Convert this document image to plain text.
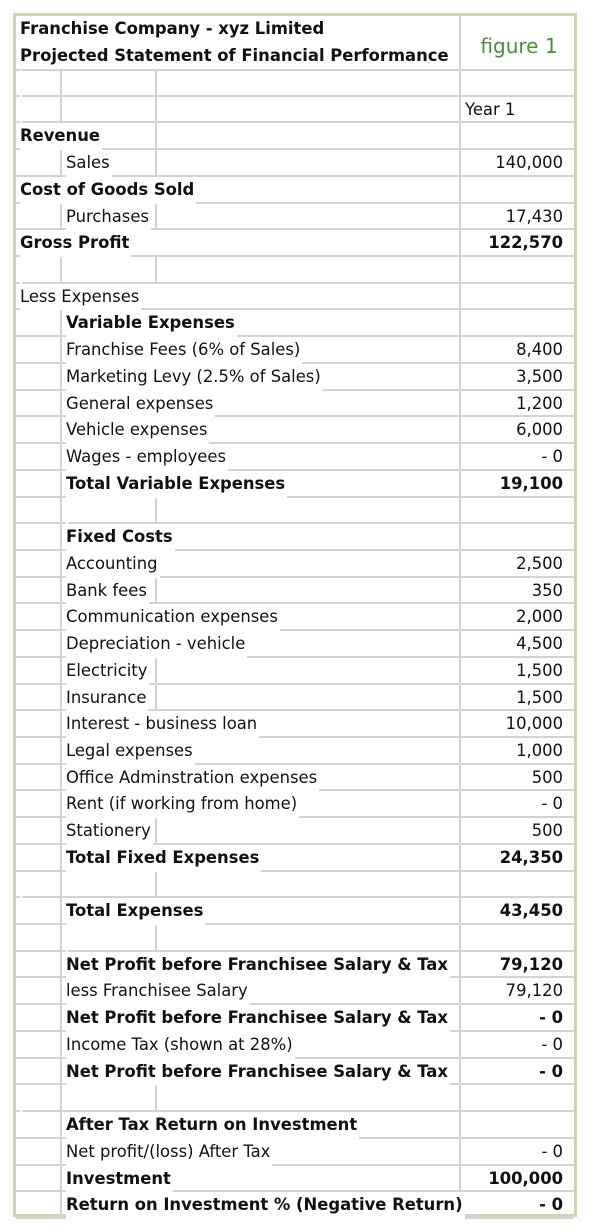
Franchise Company - xyz Limited
Projected Statement of Financial Performance	figure 1
Year 1
Revenue
Sales	140,000
Cost of Goods Sold
Purchases	17,430
Gross Profit	122,570
Less Expenses
Variable Expenses
Franchise Fees (6% of Sales)	8,400
Marketing Levy (2.5% of Sales)	3,500
General expenses	1,200
Vehicle expenses	6,000
Wages - employees	- 0
Total Variable Expenses	19,100
Fixed Costs
Accounting	2,500
Bank fees	350
Communication expenses	2,000
Depreciation - vehicle	4,500
Electricity	1,500
Insurance	1,500
Interest - business loan	10,000
Legal expenses	1,000
Office Adminstration expenses	500
Rent (if working from home)	- 0
Stationery	500
Total Fixed Expenses	24,350
Total Expenses	43,450
Net Profit before Franchisee Salary & Tax	79,120
less Franchisee Salary	79,120
Net Profit before Franchisee Salary & Tax	- 0
Income Tax (shown at 28%)	- 0
Net Profit before Franchisee Salary & Tax	- 0
After Tax Return on Investment
Net profit/(loss) After Tax	- 0
Investment	100,000
Return on Investment % (Negative Return)	- 0
